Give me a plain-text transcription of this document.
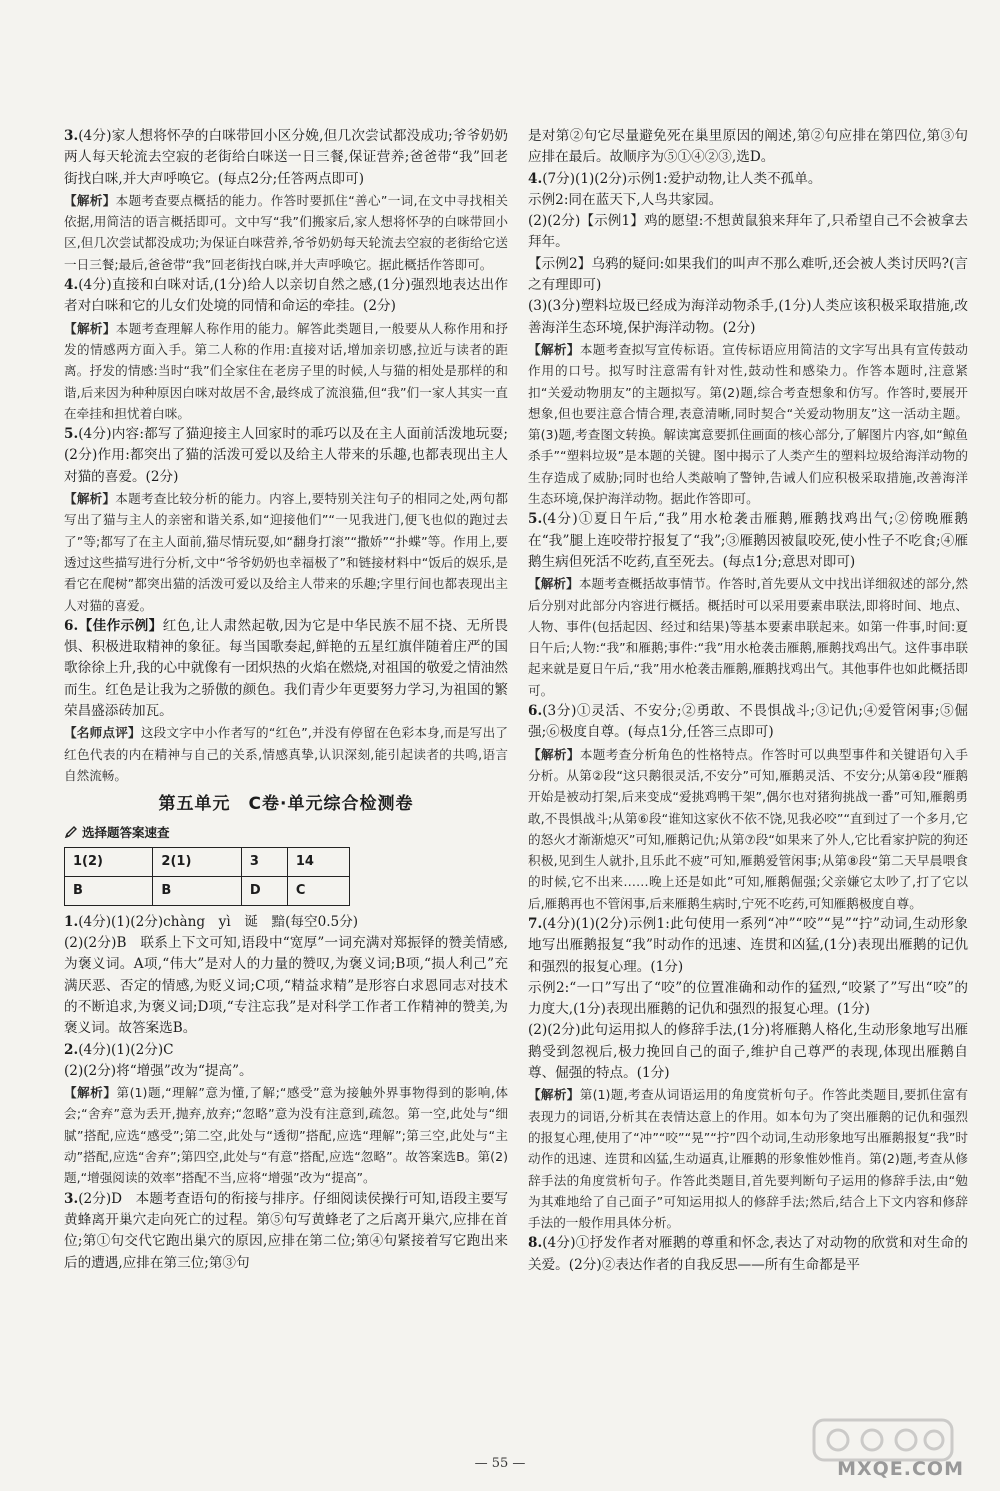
3.(4分)家人想将怀孕的白咪带回小区分娩,但几次尝试都没成功;爷爷奶奶两人每天轮流去空寂的老街给白咪送一日三餐,保证营养;爸爸带“我”回老街找白咪,并大声呼唤它。(每点2分;任答两点即可)

【解析】本题考查要点概括的能力。作答时要抓住“善心”一词,在文中寻找相关依据,用简洁的语言概括即可。文中写“我”们搬家后,家人想将怀孕的白咪带回小区,但几次尝试都没成功;为保证白咪营养,爷爷奶奶每天轮流去空寂的老街给它送一日三餐;最后,爸爸带“我”回老街找白咪,并大声呼唤它。据此概括作答即可。

4.(4分)直接和白咪对话,(1分)给人以亲切自然之感,(1分)强烈地表达出作者对白咪和它的儿女们处境的同情和命运的牵挂。(2分)

【解析】本题考查理解人称作用的能力。解答此类题目,一般要从人称作用和抒发的情感两方面入手。第二人称的作用:直接对话,增加亲切感,拉近与读者的距离。抒发的情感:当时“我”们全家住在老房子里的时候,人与猫的相处是那样的和谐,后来因为种种原因白咪对故居不舍,最终成了流浪猫,但“我”们一家人其实一直在牵挂和担忧着白咪。

5.(4分)内容:都写了猫迎接主人回家时的乖巧以及在主人面前活泼地玩耍;(2分)作用:都突出了猫的活泼可爱以及给主人带来的乐趣,也都表现出主人对猫的喜爱。(2分)

【解析】本题考查比较分析的能力。内容上,要特别关注句子的相同之处,两句都写出了猫与主人的亲密和谐关系,如“迎接他们”“一见我进门,便飞也似的跑过去了”等;都写了在主人面前,猫尽情玩耍,如“翻身打滚”“撒娇”“扑蝶”等。作用上,要透过这些描写进行分析,文中“爷爷奶奶也幸福极了”和链接材料中“饭后的娱乐,是看它在爬树”都突出猫的活泼可爱以及给主人带来的乐趣;字里行间也都表现出主人对猫的喜爱。

6.【佳作示例】红色,让人肃然起敬,因为它是中华民族不屈不挠、无所畏惧、积极进取精神的象征。每当国歌奏起,鲜艳的五星红旗伴随着庄严的国歌徐徐上升,我的心中就像有一团炽热的火焰在燃烧,对祖国的敬爱之情油然而生。红色是让我为之骄傲的颜色。我们青少年更要努力学习,为祖国的繁荣昌盛添砖加瓦。

【名师点评】这段文字中小作者写的“红色”,并没有停留在色彩本身,而是写出了红色代表的内在精神与自己的关系,情感真挚,认识深刻,能引起读者的共鸣,语言自然流畅。

第五单元　C卷·单元综合检测卷
选择题答案速查
1(2)	2(1)	3	14
B	B	D	C

1.(4分)(1)(2分)chàng　yì　诞　黯(每空0.5分)

(2)(2分)B　联系上下文可知,语段中“宽厚”一词充满对郑振铎的赞美情感,为褒义词。A项,“伟大”是对人的力量的赞叹,为褒义词;B项,“损人利己”充满厌恶、否定的情感,为贬义词;C项,“精益求精”是形容白求恩同志对技术的不断追求,为褒义词;D项,“专注忘我”是对科学工作者工作精神的赞美,为褒义词。故答案选B。

2.(4分)(1)(2分)C

(2)(2分)将“增强”改为“提高”。

【解析】第(1)题,“理解”意为懂,了解;“感受”意为接触外界事物得到的影响,体会;“舍弃”意为丢开,抛弃,放弃;“忽略”意为没有注意到,疏忽。第一空,此处与“细腻”搭配,应选“感受”;第二空,此处与“透彻”搭配,应选“理解”;第三空,此处与“主动”搭配,应选“舍弃”;第四空,此处与“有意”搭配,应选“忽略”。故答案选B。第(2)题,“增强阅读的效率”搭配不当,应将“增强”改为“提高”。

3.(2分)D　本题考查语句的衔接与排序。仔细阅读侯操行可知,语段主要写黄蜂离开巢穴走向死亡的过程。第⑤句写黄蜂老了之后离开巢穴,应排在首位;第①句交代它跑出巢穴的原因,应排在第二位;第④句紧接着写它跑出来后的遭遇,应排在第三位;第③句

是对第②句它尽量避免死在巢里原因的阐述,第②句应排在第四位,第③句应排在最后。故顺序为⑤①④②③,选D。

4.(7分)(1)(2分)示例1:爱护动物,让人类不孤单。

示例2:同在蓝天下,人鸟共家园。

(2)(2分)【示例1】鸡的愿望:不想黄鼠狼来拜年了,只希望自己不会被拿去拜年。

【示例2】乌鸦的疑问:如果我们的叫声不那么难听,还会被人类讨厌吗?(言之有理即可)

(3)(3分)塑料垃圾已经成为海洋动物杀手,(1分)人类应该积极采取措施,改善海洋生态环境,保护海洋动物。(2分)

【解析】本题考查拟写宣传标语。宣传标语应用简洁的文字写出具有宣传鼓动作用的口号。拟写时注意需有针对性,鼓动性和感染力。作答本题时,注意紧扣“关爱动物朋友”的主题拟写。第(2)题,综合考查想象和仿写。作答时,要展开想象,但也要注意合情合理,表意清晰,同时契合“关爱动物朋友”这一活动主题。第(3)题,考查图文转换。解读寓意要抓住画面的核心部分,了解图片内容,如“鲸鱼杀手”“塑料垃圾”是本题的关键。图中揭示了人类产生的塑料垃圾给海洋动物的生存造成了威胁;同时也给人类敲响了警钟,告诫人们应积极采取措施,改善海洋生态环境,保护海洋动物。据此作答即可。

5.(4分)①夏日午后,“我”用水枪袭击雁鹅,雁鹅找鸡出气;②傍晚雁鹅在“我”腿上连咬带拧报复了“我”;③雁鹅因被鼠咬死,使小性子不吃食;④雁鹅生病但死活不吃药,直至死去。(每点1分;意思对即可)

【解析】本题考查概括故事情节。作答时,首先要从文中找出详细叙述的部分,然后分别对此部分内容进行概括。概括时可以采用要素串联法,即将时间、地点、人物、事件(包括起因、经过和结果)等基本要素串联起来。如第一件事,时间:夏日午后;人物:“我”和雁鹅;事件:“我”用水枪袭击雁鹅,雁鹅找鸡出气。这件事串联起来就是夏日午后,“我”用水枪袭击雁鹅,雁鹅找鸡出气。其他事件也如此概括即可。

6.(3分)①灵活、不安分;②勇敢、不畏惧战斗;③记仇;④爱管闲事;⑤倔强;⑥极度自尊。(每点1分,任答三点即可)

【解析】本题考查分析角色的性格特点。作答时可以典型事件和关键语句入手分析。从第②段“这只鹅很灵活,不安分”可知,雁鹅灵活、不安分;从第④段“雁鹅开始是被动打架,后来变成“爱挑鸡鸭干架”,偶尔也对猪狗挑战一番”可知,雁鹅勇敢,不畏惧战斗;从第⑥段“谁知这家伙不依不饶,见我必咬”“直到过了一个多月,它的怒火才渐渐熄灭”可知,雁鹅记仇;从第⑦段“如果来了外人,它比看家护院的狗还积极,见到生人就扑,且乐此不疲”可知,雁鹅爱管闲事;从第⑧段“第二天早晨喂食的时候,它不出来……晚上还是如此”可知,雁鹅倔强;父亲嫌它太吵了,打了它以后,雁鹅再也不管闲事,后来雁鹅生病时,宁死不吃药,可知雁鹅极度自尊。

7.(4分)(1)(2分)示例1:此句使用一系列“冲”“咬”“晃”“拧”动词,生动形象地写出雁鹅报复“我”时动作的迅速、连贯和凶猛,(1分)表现出雁鹅的记仇和强烈的报复心理。(1分)

示例2:“一口”写出了“咬”的位置准确和动作的猛烈,“咬紧了”写出“咬”的力度大,(1分)表现出雁鹅的记仇和强烈的报复心理。(1分)

(2)(2分)此句运用拟人的修辞手法,(1分)将雁鹅人格化,生动形象地写出雁鹅受到忽视后,极力挽回自己的面子,维护自己尊严的表现,体现出雁鹅自尊、倔强的特点。(1分)

【解析】第(1)题,考查从词语运用的角度赏析句子。作答此类题目,要抓住富有表现力的词语,分析其在表情达意上的作用。如本句为了突出雁鹅的记仇和强烈的报复心理,使用了“冲”“咬”“晃”“拧”四个动词,生动形象地写出雁鹅报复“我”时动作的迅速、连贯和凶猛,生动逼真,让雁鹅的形象惟妙惟肖。第(2)题,考查从修辞手法的角度赏析句子。作答此类题目,首先要判断句子运用的修辞手法,由“勉为其难地给了自己面子”可知运用拟人的修辞手法;然后,结合上下文内容和修辞手法的一般作用具体分析。

8.(4分)①抒发作者对雁鹅的尊重和怀念,表达了对动物的欣赏和对生命的关爱。(2分)②表达作者的自我反思——所有生命都是平

— 55 —	MXQE.COM
